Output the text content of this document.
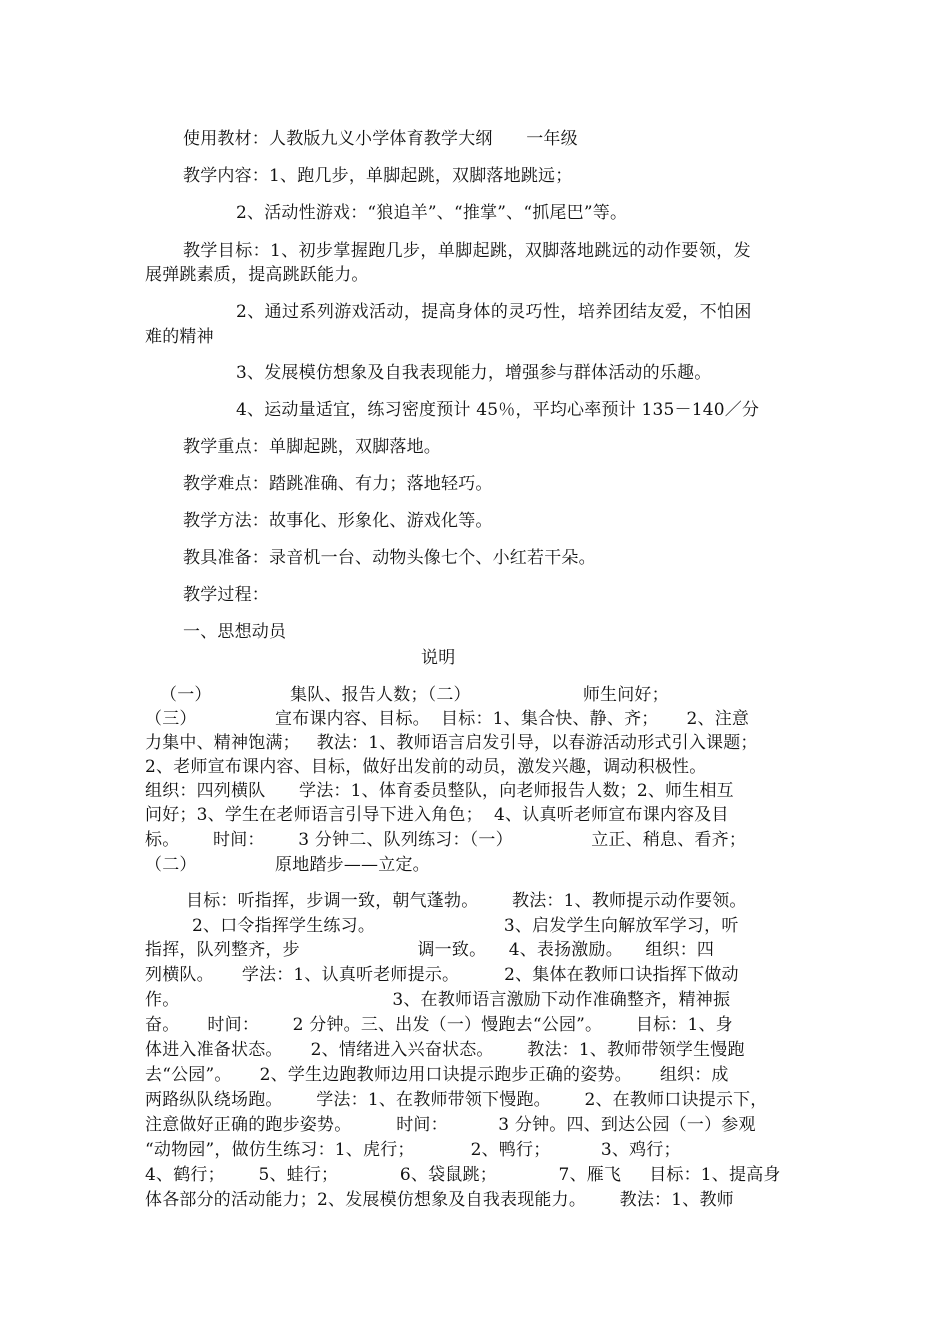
使用教材：人教版九义小学体育教学大纲      一年级
教学内容：1、跑几步，单脚起跳，双脚落地跳远；
2、活动性游戏：“狼追羊”、“推掌”、“抓尾巴”等。
教学目标：1、初步掌握跑几步，单脚起跳，双脚落地跳远的动作要领，发
展弹跳素质，提高跳跃能力。
2、通过系列游戏活动，提高身体的灵巧性，培养团结友爱，不怕困
难的精神
3、发展模仿想象及自我表现能力，增强参与群体活动的乐趣。
4、运动量适宜，练习密度预计 45％，平均心率预计 135－140／分
教学重点：单脚起跳，双脚落地。
教学难点：踏跳准确、有力；落地轻巧。
教学方法：故事化、形象化、游戏化等。
教具准备：录音机一台、动物头像七个、小红若干朵。
教学过程：
一、思想动员
说明
（一）              集队、报告人数；（二）                    师生问好；
（三）              宣布课内容、目标。  目标：1、集合快、静、齐；     2、注意
力集中、精神饱满；   教法：1、教师语言启发引导，以春游活动形式引入课题；
2、老师宣布课内容、目标，做好出发前的动员，激发兴趣，调动积极性。
组织：四列横队      学法：1、体育委员整队，向老师报告人数；2、师生相互
问好；3、学生在老师语言引导下进入角色；  4、认真听老师宣布课内容及目
标。      时间：      3 分钟二、队列练习：（一）              立正、稍息、看齐；
（二）              原地踏步——立定。
目标：听指挥，步调一致，朝气蓬勃。      教法：1、教师提示动作要领。
2、口令指挥学生练习。                       3、启发学生向解放军学习，听
指挥，队列整齐，步                     调一致。    4、表扬激励。    组织：四
列横队。     学法：1、认真听老师提示。        2、集体在教师口诀指挥下做动
作。                                      3、在教师语言激励下动作准确整齐，精神振
奋。     时间：      2 分钟。三、出发（一）慢跑去“公园”。      目标：1、身
体进入准备状态。     2、情绪进入兴奋状态。      教法：1、教师带领学生慢跑
去“公园”。     2、学生边跑教师边用口诀提示跑步正确的姿势。     组织：成
两路纵队绕场跑。      学法：1、在教师带领下慢跑。      2、在教师口诀提示下，
注意做好正确的跑步姿势。        时间：         3 分钟。四、到达公园（一）参观
“动物园”，做仿生练习：1、虎行；          2、鸭行；         3、鸡行；
4、鹤行；      5、蛙行；           6、袋鼠跳；           7、雁飞     目标：1、提高身
体各部分的活动能力；2、发展模仿想象及自我表现能力。      教法：1、教师
